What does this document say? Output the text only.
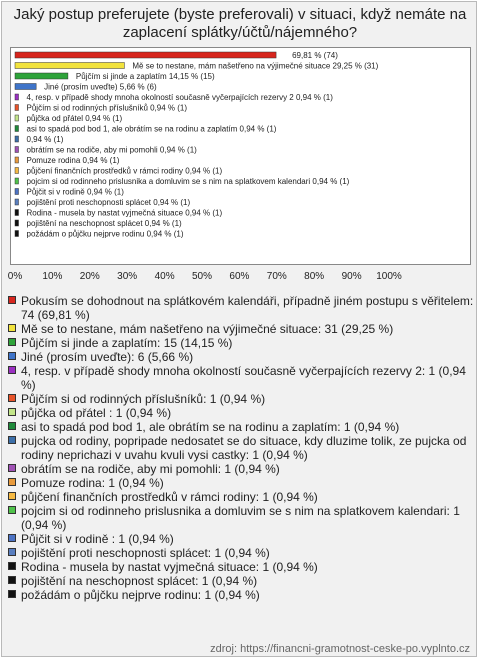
Jaký postup preferujete (byste preferovali) v situaci, když nemáte na zaplacení splátky/účtů/nájemného?
69,81 % (74)
Mě se to nestane, mám našetřeno na výjimečné situace 29,25 % (31)
Půjčím si jinde a zaplatím 14,15 % (15)
Jiné (prosím uveďte) 5,66 % (6)
4, resp. v případě shody mnoha okolností současně vyčerpajících rezervy 2 0,94 % (1)
Půjčím si od rodinných příslušníků 0,94 % (1)
půjčka od přátel 0,94 % (1)
asi to spadá pod bod 1, ale obrátím se na rodinu a zaplatím 0,94 % (1)
0,94 % (1)
obrátím se na rodiče, aby mi pomohli 0,94 % (1)
Pomuze rodina 0,94 % (1)
půjčení finančních prostředků v rámci rodiny 0,94 % (1)
pojcim si od rodinneho prislusnika a domluvim se s nim na splatkovem kalendari 0,94 % (1)
Půjčit si v rodině 0,94 % (1)
pojištění proti neschopnosti splácet 0,94 % (1)
Rodina - musela by nastat vyjmečná situace 0,94 % (1)
pojištění na neschopnost splácet 0,94 % (1)
požádám o půjčku nejprve rodinu 0,94 % (1)
0% 10% 20% 30% 40% 50% 60% 70% 80% 90% 100%
Pokusím se dohodnout na splátkovém kalendáři, případně jiném postupu s věřitelem: 74 (69,81 %)
Mě se to nestane, mám našetřeno na výjimečné situace: 31 (29,25 %)
Půjčím si jinde a zaplatím: 15 (14,15 %)
Jiné (prosím uveďte): 6 (5,66 %)
4, resp. v případě shody mnoha okolností současně vyčerpajících rezervy 2: 1 (0,94 %)
Půjčím si od rodinných příslušníků: 1 (0,94 %)
půjčka od přátel : 1 (0,94 %)
asi to spadá pod bod 1, ale obrátím se na rodinu a zaplatím: 1 (0,94 %)
pujcka od rodiny, popripade nedosatet se do situace, kdy dluzime tolik, ze pujcka od rodiny neprichazi v uvahu kvuli vysi castky: 1 (0,94 %)
obrátím se na rodiče, aby mi pomohli: 1 (0,94 %)
Pomuze rodina: 1 (0,94 %)
půjčení finančních prostředků v rámci rodiny: 1 (0,94 %)
pojcim si od rodinneho prislusnika a domluvim se s nim na splatkovem kalendari: 1 (0,94 %)
Půjčit si v rodině : 1 (0,94 %)
pojištění proti neschopnosti splácet: 1 (0,94 %)
Rodina - musela by nastat vyjmečná situace: 1 (0,94 %)
pojištění na neschopnost splácet: 1 (0,94 %)
požádám o půjčku nejprve rodinu: 1 (0,94 %)
zdroj: https://financni-gramotnost-ceske-po.vyplnto.cz
